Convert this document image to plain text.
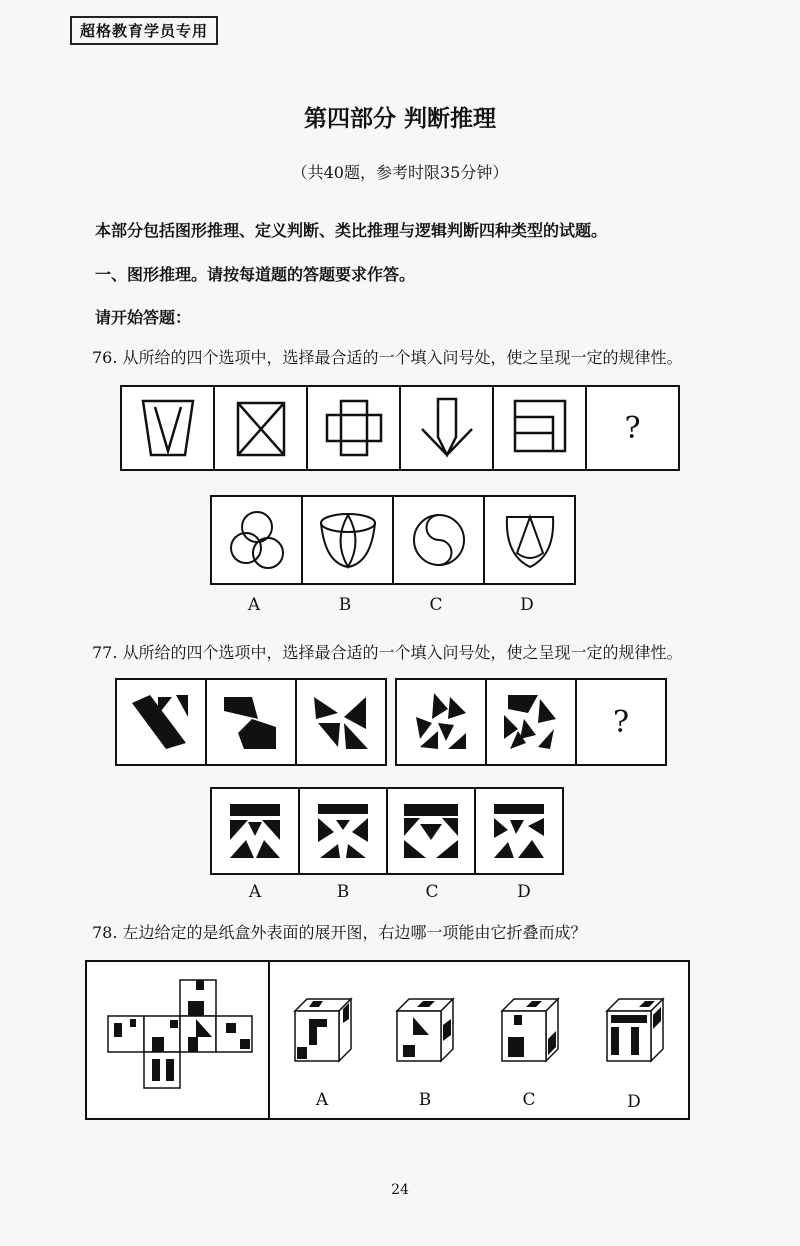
超格教育学员专用
第四部分 判断推理
（共40题，参考时限35分钟）
本部分包括图形推理、定义判断、类比推理与逻辑判断四种类型的试题。
一、图形推理。请按每道题的答题要求作答。
请开始答题：
76. 从所给的四个选项中，选择最合适的一个填入问号处，使之呈现一定的规律性。
?
A	B	C	D
77. 从所给的四个选项中，选择最合适的一个填入问号处，使之呈现一定的规律性。
?
A	B	C	D
78. 左边给定的是纸盒外表面的展开图，右边哪一项能由它折叠而成？
A	B	C	D
24
